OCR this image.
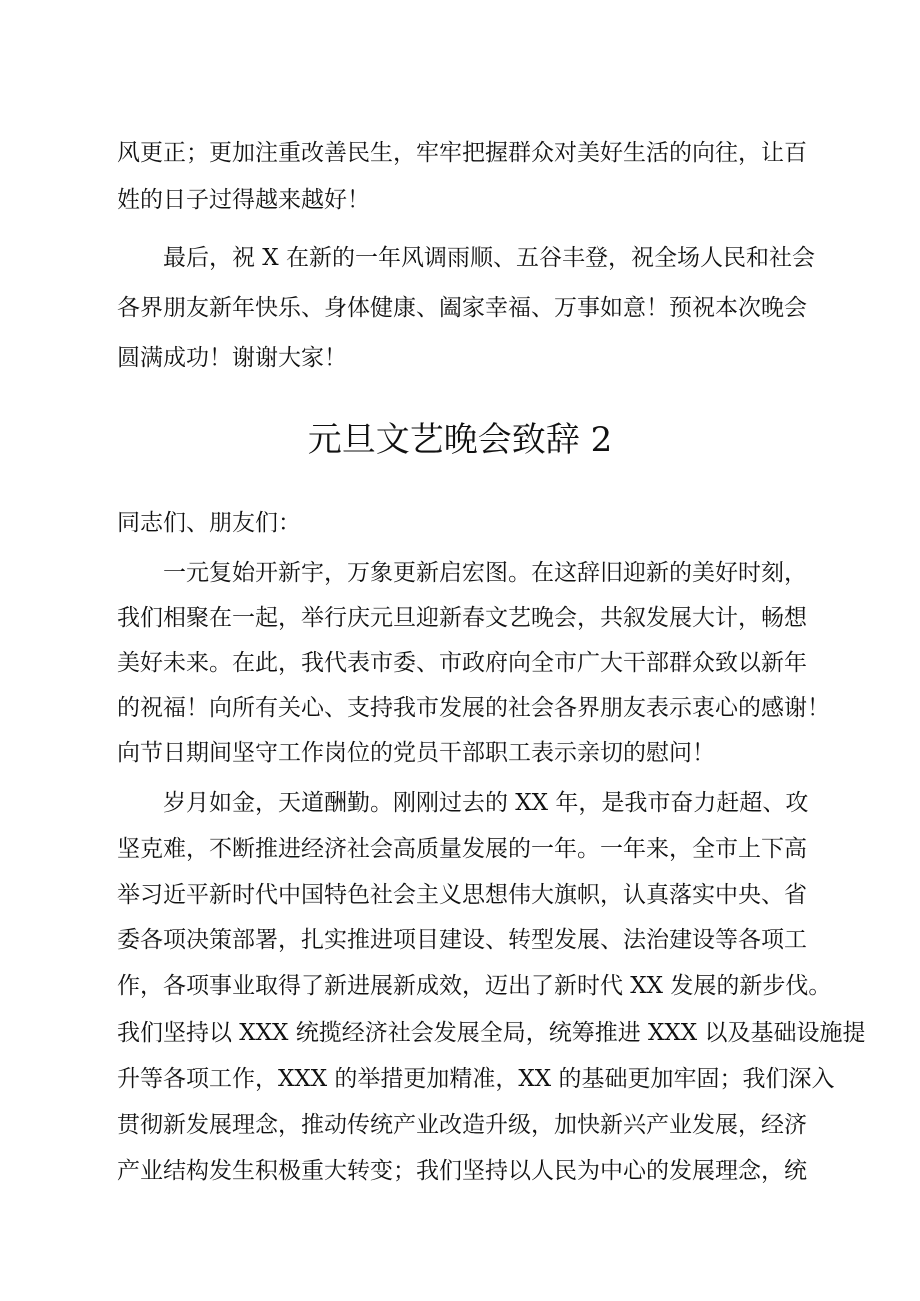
风更正；更加注重改善民生，牢牢把握群众对美好生活的向往，让百
姓的日子过得越来越好！
最后，祝 X 在新的一年风调雨顺、五谷丰登，祝全场人民和社会
各界朋友新年快乐、身体健康、阖家幸福、万事如意！预祝本次晚会
圆满成功！谢谢大家！
元旦文艺晚会致辞 2
同志们、朋友们：
一元复始开新宇，万象更新启宏图。在这辞旧迎新的美好时刻，
我们相聚在一起，举行庆元旦迎新春文艺晚会，共叙发展大计，畅想
美好未来。在此，我代表市委、市政府向全市广大干部群众致以新年
的祝福！向所有关心、支持我市发展的社会各界朋友表示衷心的感谢！
向节日期间坚守工作岗位的党员干部职工表示亲切的慰问！
岁月如金，天道酬勤。刚刚过去的 XX 年，是我市奋力赶超、攻
坚克难，不断推进经济社会高质量发展的一年。一年来，全市上下高
举习近平新时代中国特色社会主义思想伟大旗帜，认真落实中央、省
委各项决策部署，扎实推进项目建设、转型发展、法治建设等各项工
作，各项事业取得了新进展新成效，迈出了新时代 XX 发展的新步伐。
我们坚持以 XXX 统揽经济社会发展全局，统筹推进 XXX 以及基础设施提
升等各项工作，XXX 的举措更加精准，XX 的基础更加牢固；我们深入
贯彻新发展理念，推动传统产业改造升级，加快新兴产业发展，经济
产业结构发生积极重大转变；我们坚持以人民为中心的发展理念，统
